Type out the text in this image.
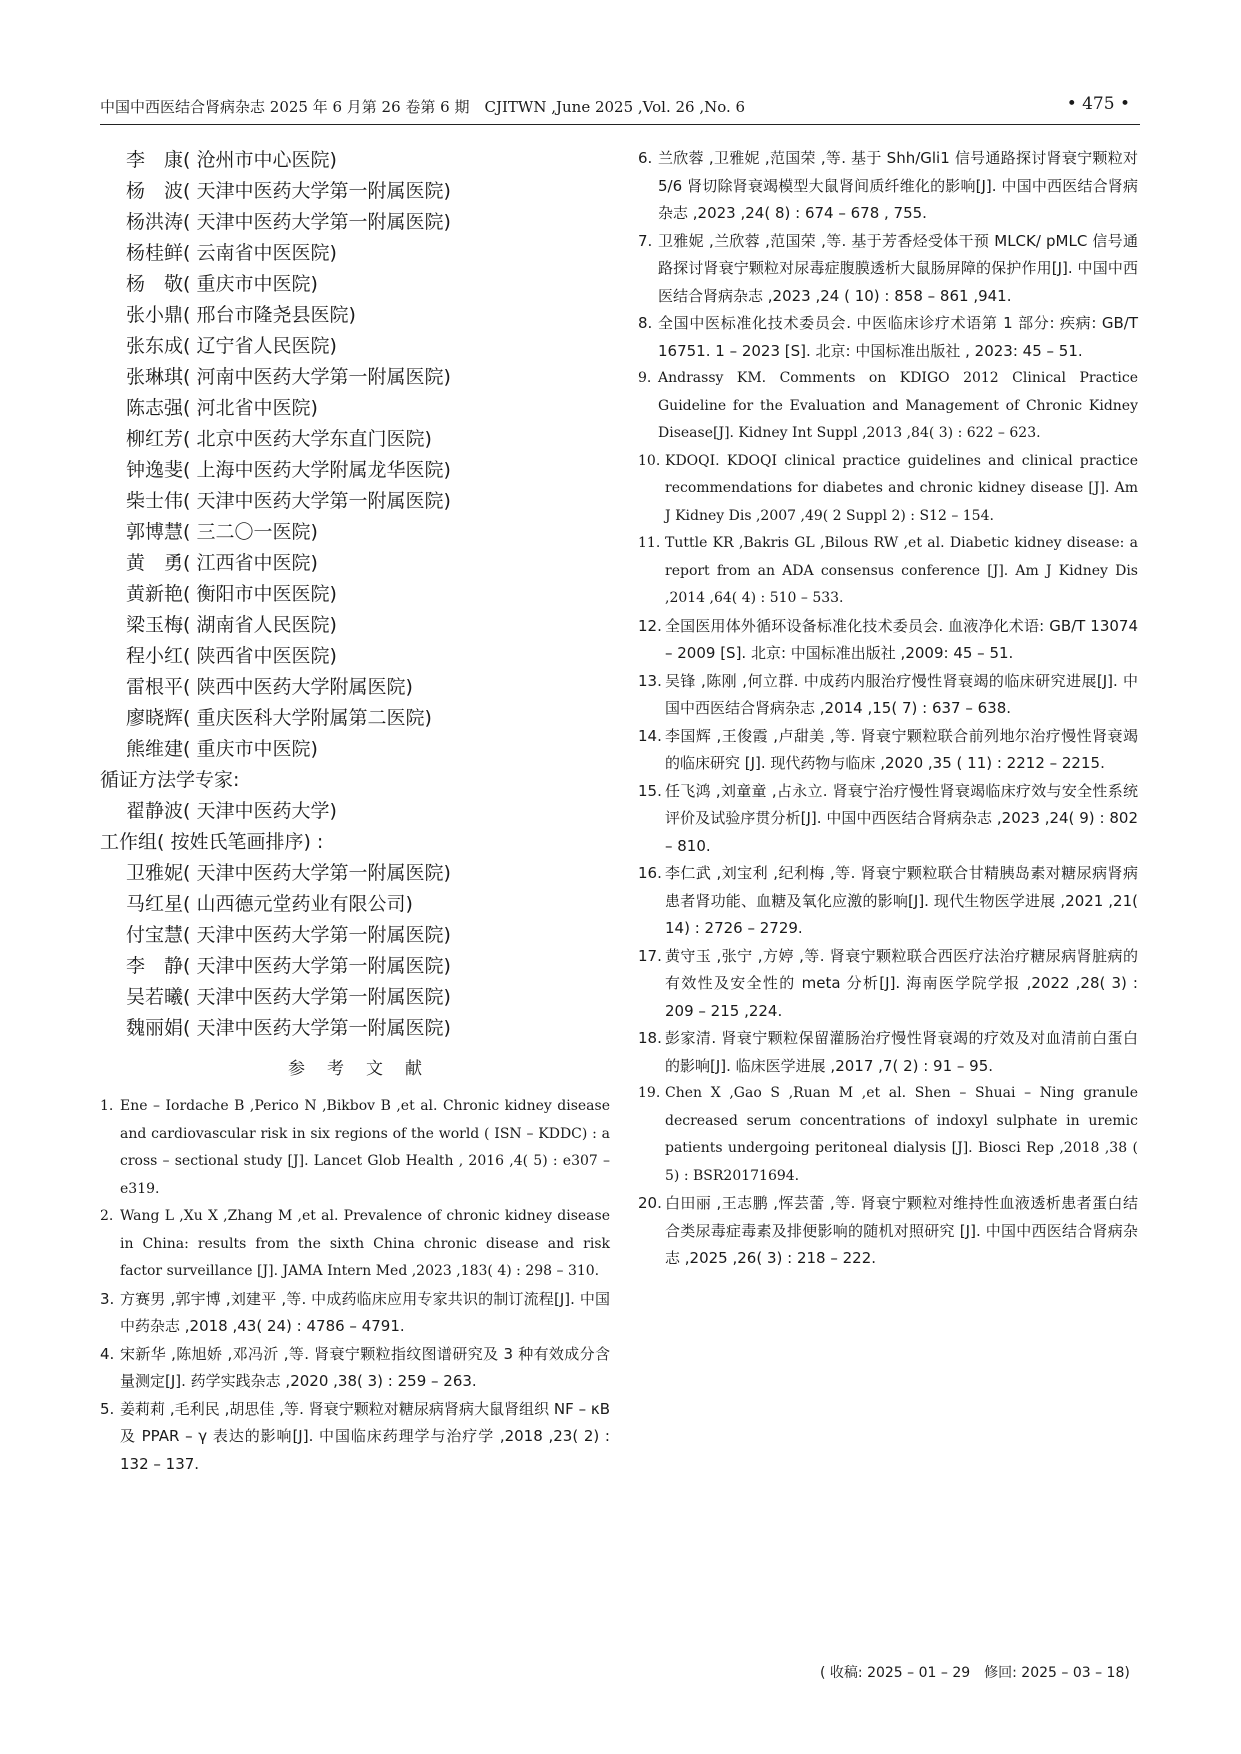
中国中西医结合肾病杂志 2025 年 6 月第 26 卷第 6 期　CJITWN ,June 2025 ,Vol. 26 ,No. 6	• 475 •
李　康( 沧州市中心医院)
杨　波( 天津中医药大学第一附属医院)
杨洪涛( 天津中医药大学第一附属医院)
杨桂鲜( 云南省中医医院)
杨　敬( 重庆市中医院)
张小鼎( 邢台市隆尧县医院)
张东成( 辽宁省人民医院)
张琳琪( 河南中医药大学第一附属医院)
陈志强( 河北省中医院)
柳红芳( 北京中医药大学东直门医院)
钟逸斐( 上海中医药大学附属龙华医院)
柴士伟( 天津中医药大学第一附属医院)
郭博慧( 三二〇一医院)
黄　勇( 江西省中医院)
黄新艳( 衡阳市中医医院)
梁玉梅( 湖南省人民医院)
程小红( 陕西省中医医院)
雷根平( 陕西中医药大学附属医院)
廖晓辉( 重庆医科大学附属第二医院)
熊维建( 重庆市中医院)
循证方法学专家:
翟静波( 天津中医药大学)
工作组( 按姓氏笔画排序) :
卫雅妮( 天津中医药大学第一附属医院)
马红星( 山西德元堂药业有限公司)
付宝慧( 天津中医药大学第一附属医院)
李　静( 天津中医药大学第一附属医院)
吴若曦( 天津中医药大学第一附属医院)
魏丽娟( 天津中医药大学第一附属医院)
参考文献
1. Ene – Iordache B ,Perico N ,Bikbov B ,et al. Chronic kidney disease and cardiovascular risk in six regions of the world ( ISN – KDDC) : a cross – sectional study [J]. Lancet Glob Health , 2016 ,4( 5) : e307 – e319.
2. Wang L ,Xu X ,Zhang M ,et al. Prevalence of chronic kidney disease in China: results from the sixth China chronic disease and risk factor surveillance [J]. JAMA Intern Med ,2023 ,183( 4) : 298 – 310.
3. 方赛男 ,郭宇博 ,刘建平 ,等. 中成药临床应用专家共识的制订流程[J]. 中国中药杂志 ,2018 ,43( 24) : 4786 – 4791.
4. 宋新华 ,陈旭娇 ,邓冯沂 ,等. 肾衰宁颗粒指纹图谱研究及 3 种有效成分含量测定[J]. 药学实践杂志 ,2020 ,38( 3) : 259 – 263.
5. 姜莉莉 ,毛利民 ,胡思佳 ,等. 肾衰宁颗粒对糖尿病肾病大鼠肾组织 NF – κB 及 PPAR – γ 表达的影响[J]. 中国临床药理学与治疗学 ,2018 ,23( 2) : 132 – 137.
6. 兰欣蓉 ,卫雅妮 ,范国荣 ,等. 基于 Shh/Gli1 信号通路探讨肾衰宁颗粒对 5/6 肾切除肾衰竭模型大鼠肾间质纤维化的影响[J]. 中国中西医结合肾病杂志 ,2023 ,24( 8) : 674 – 678 , 755.
7. 卫雅妮 ,兰欣蓉 ,范国荣 ,等. 基于芳香烃受体干预 MLCK/ pMLC 信号通路探讨肾衰宁颗粒对尿毒症腹膜透析大鼠肠屏障的保护作用[J]. 中国中西医结合肾病杂志 ,2023 ,24 ( 10) : 858 – 861 ,941.
8. 全国中医标准化技术委员会. 中医临床诊疗术语第 1 部分: 疾病: GB/T 16751. 1 – 2023 [S]. 北京: 中国标准出版社 , 2023: 45 – 51.
9. Andrassy KM. Comments on KDIGO 2012 Clinical Practice Guideline for the Evaluation and Management of Chronic Kidney Disease[J]. Kidney Int Suppl ,2013 ,84( 3) : 622 – 623.
10. KDOQI. KDOQI clinical practice guidelines and clinical practice recommendations for diabetes and chronic kidney disease [J]. Am J Kidney Dis ,2007 ,49( 2 Suppl 2) : S12 – 154.
11. Tuttle KR ,Bakris GL ,Bilous RW ,et al. Diabetic kidney disease: a report from an ADA consensus conference [J]. Am J Kidney Dis ,2014 ,64( 4) : 510 – 533.
12. 全国医用体外循环设备标准化技术委员会. 血液净化术语: GB/T 13074 – 2009 [S]. 北京: 中国标准出版社 ,2009: 45 – 51.
13. 吴锋 ,陈刚 ,何立群. 中成药内服治疗慢性肾衰竭的临床研究进展[J]. 中国中西医结合肾病杂志 ,2014 ,15( 7) : 637 – 638.
14. 李国辉 ,王俊霞 ,卢甜美 ,等. 肾衰宁颗粒联合前列地尔治疗慢性肾衰竭的临床研究 [J]. 现代药物与临床 ,2020 ,35 ( 11) : 2212 – 2215.
15. 任飞鸿 ,刘童童 ,占永立. 肾衰宁治疗慢性肾衰竭临床疗效与安全性系统评价及试验序贯分析[J]. 中国中西医结合肾病杂志 ,2023 ,24( 9) : 802 – 810.
16. 李仁武 ,刘宝利 ,纪利梅 ,等. 肾衰宁颗粒联合甘精胰岛素对糖尿病肾病患者肾功能、血糖及氧化应激的影响[J]. 现代生物医学进展 ,2021 ,21( 14) : 2726 – 2729.
17. 黄守玉 ,张宁 ,方婷 ,等. 肾衰宁颗粒联合西医疗法治疗糖尿病肾脏病的有效性及安全性的 meta 分析[J]. 海南医学院学报 ,2022 ,28( 3) : 209 – 215 ,224.
18. 彭家清. 肾衰宁颗粒保留灌肠治疗慢性肾衰竭的疗效及对血清前白蛋白的影响[J]. 临床医学进展 ,2017 ,7( 2) : 91 – 95.
19. Chen X ,Gao S ,Ruan M ,et al. Shen – Shuai – Ning granule decreased serum concentrations of indoxyl sulphate in uremic patients undergoing peritoneal dialysis [J]. Biosci Rep ,2018 ,38 ( 5) : BSR20171694.
20. 白田丽 ,王志鹏 ,恽芸蕾 ,等. 肾衰宁颗粒对维持性血液透析患者蛋白结合类尿毒症毒素及排便影响的随机对照研究 [J]. 中国中西医结合肾病杂志 ,2025 ,26( 3) : 218 – 222.
( 收稿: 2025 – 01 – 29　修回: 2025 – 03 – 18)
